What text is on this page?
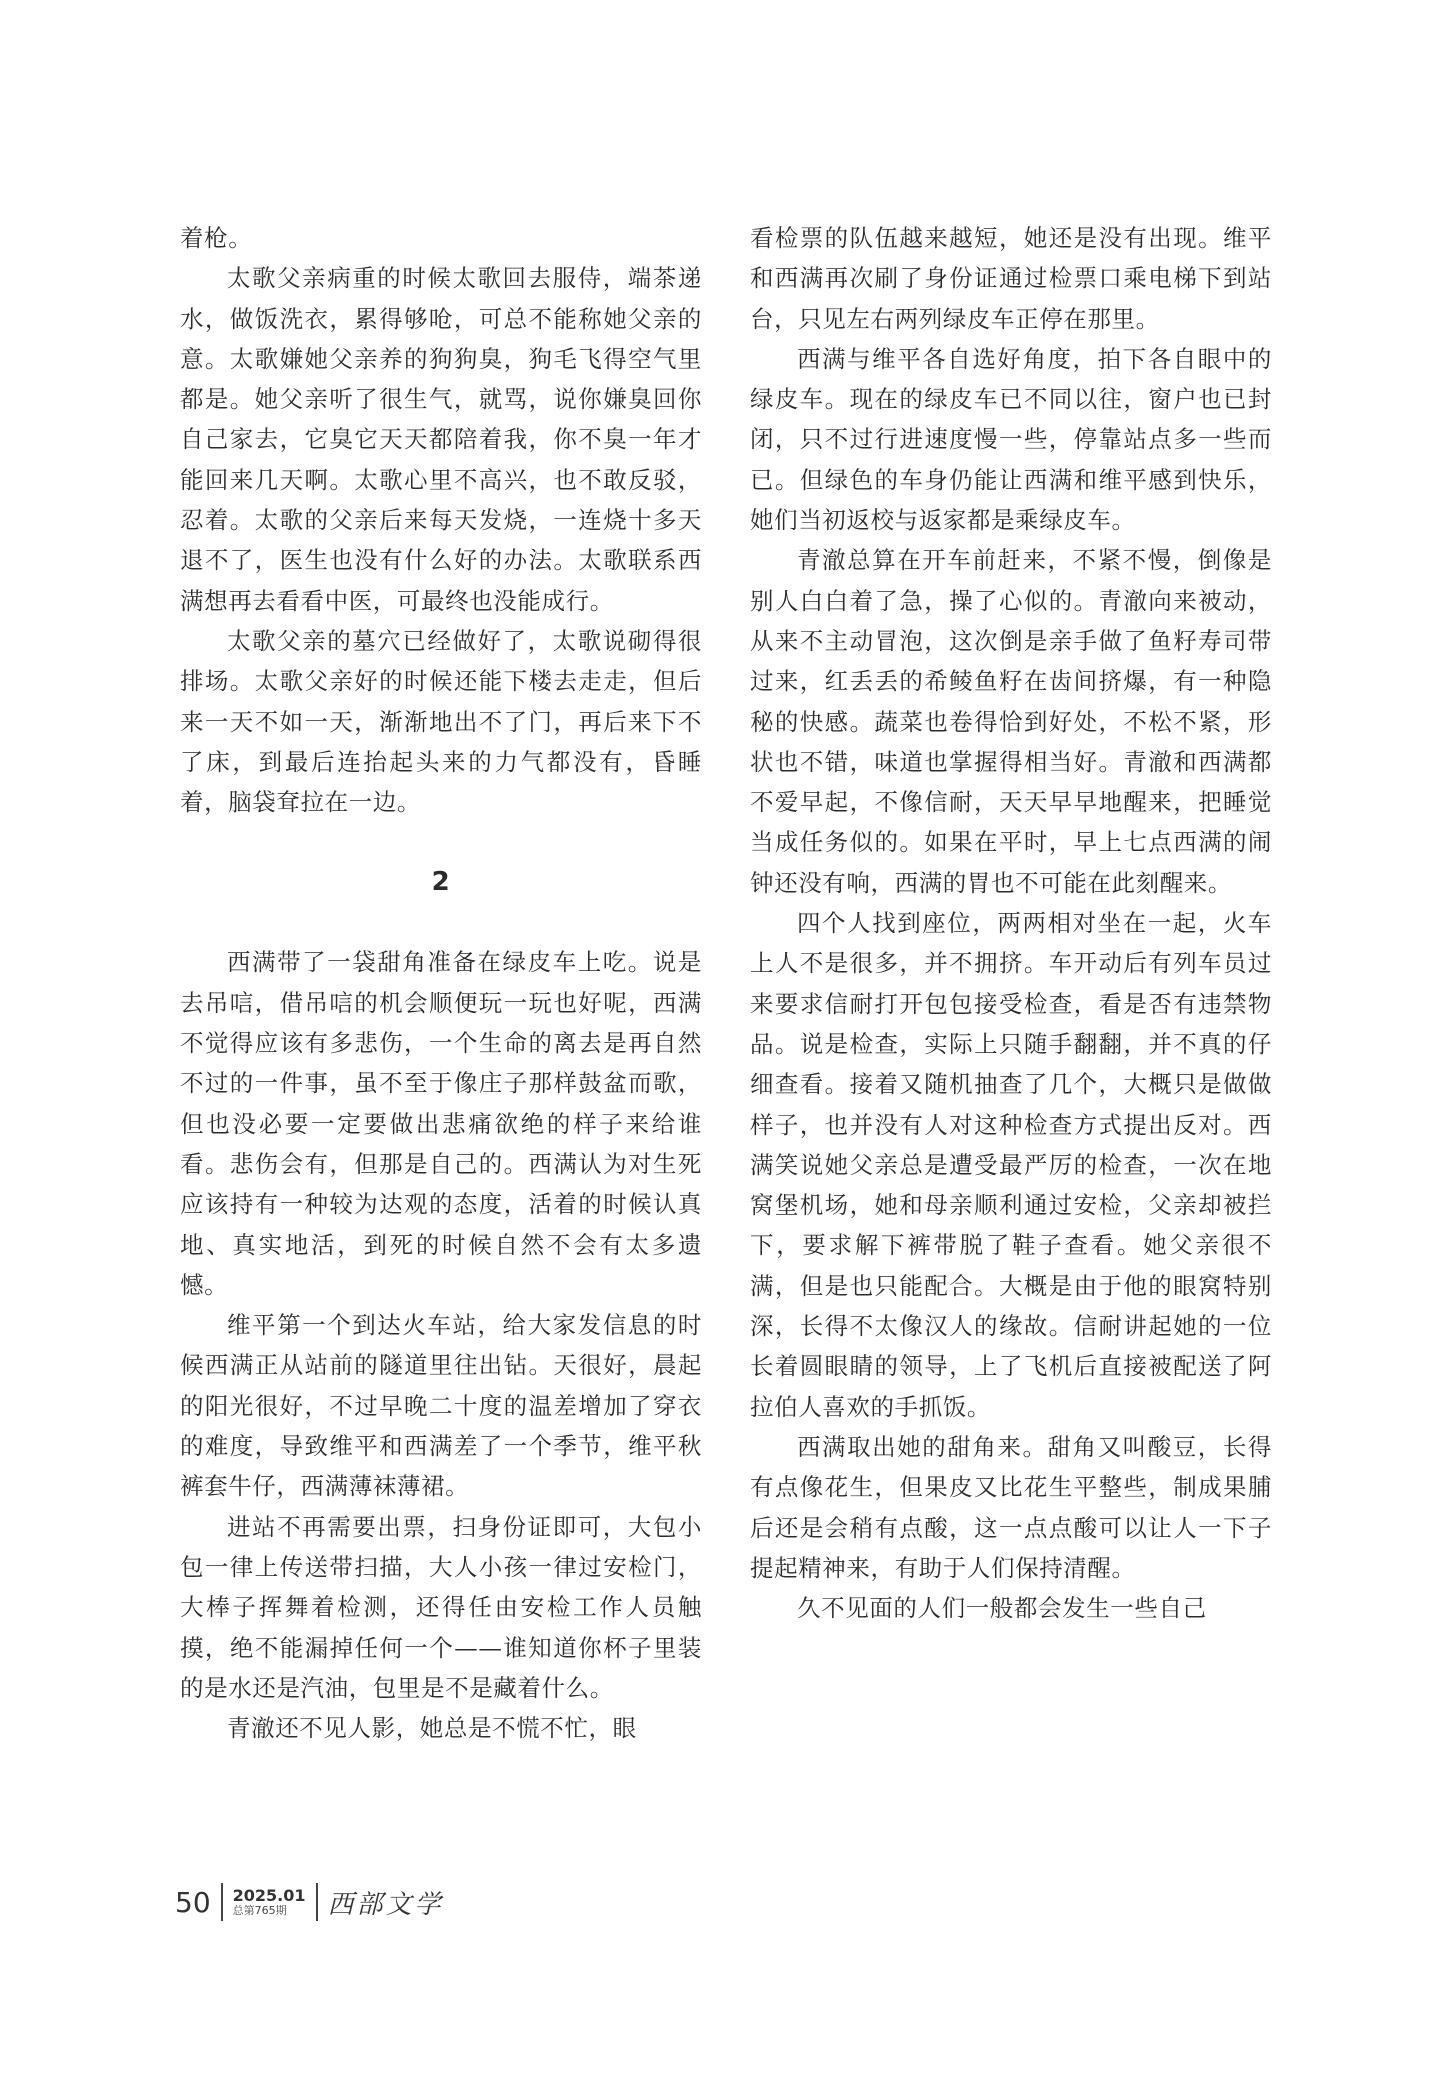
着枪。

太歌父亲病重的时候太歌回去服侍，端茶递水，做饭洗衣，累得够呛，可总不能称她父亲的意。太歌嫌她父亲养的狗狗臭，狗毛飞得空气里都是。她父亲听了很生气，就骂，说你嫌臭回你自己家去，它臭它天天都陪着我，你不臭一年才能回来几天啊。太歌心里不高兴，也不敢反驳，忍着。太歌的父亲后来每天发烧，一连烧十多天退不了，医生也没有什么好的办法。太歌联系西满想再去看看中医，可最终也没能成行。

太歌父亲的墓穴已经做好了，太歌说砌得很排场。太歌父亲好的时候还能下楼去走走，但后来一天不如一天，渐渐地出不了门，再后来下不了床，到最后连抬起头来的力气都没有，昏睡着，脑袋耷拉在一边。

2

西满带了一袋甜角准备在绿皮车上吃。说是去吊唁，借吊唁的机会顺便玩一玩也好呢，西满不觉得应该有多悲伤，一个生命的离去是再自然不过的一件事，虽不至于像庄子那样鼓盆而歌，但也没必要一定要做出悲痛欲绝的样子来给谁看。悲伤会有，但那是自己的。西满认为对生死应该持有一种较为达观的态度，活着的时候认真地、真实地活，到死的时候自然不会有太多遗憾。

维平第一个到达火车站，给大家发信息的时候西满正从站前的隧道里往出钻。天很好，晨起的阳光很好，不过早晚二十度的温差增加了穿衣的难度，导致维平和西满差了一个季节，维平秋裤套牛仔，西满薄袜薄裙。

进站不再需要出票，扫身份证即可，大包小包一律上传送带扫描，大人小孩一律过安检门，大棒子挥舞着检测，还得任由安检工作人员触摸，绝不能漏掉任何一个——谁知道你杯子里装的是水还是汽油，包里是不是藏着什么。

青澈还不见人影，她总是不慌不忙，眼

看检票的队伍越来越短，她还是没有出现。维平和西满再次刷了身份证通过检票口乘电梯下到站台，只见左右两列绿皮车正停在那里。

西满与维平各自选好角度，拍下各自眼中的绿皮车。现在的绿皮车已不同以往，窗户也已封闭，只不过行进速度慢一些，停靠站点多一些而已。但绿色的车身仍能让西满和维平感到快乐，她们当初返校与返家都是乘绿皮车。

青澈总算在开车前赶来，不紧不慢，倒像是别人白白着了急，操了心似的。青澈向来被动，从来不主动冒泡，这次倒是亲手做了鱼籽寿司带过来，红丢丢的希鲮鱼籽在齿间挤爆，有一种隐秘的快感。蔬菜也卷得恰到好处，不松不紧，形状也不错，味道也掌握得相当好。青澈和西满都不爱早起，不像信耐，天天早早地醒来，把睡觉当成任务似的。如果在平时，早上七点西满的闹钟还没有响，西满的胃也不可能在此刻醒来。

四个人找到座位，两两相对坐在一起，火车上人不是很多，并不拥挤。车开动后有列车员过来要求信耐打开包包接受检查，看是否有违禁物品。说是检查，实际上只随手翻翻，并不真的仔细查看。接着又随机抽查了几个，大概只是做做样子，也并没有人对这种检查方式提出反对。西满笑说她父亲总是遭受最严厉的检查，一次在地窝堡机场，她和母亲顺利通过安检，父亲却被拦下，要求解下裤带脱了鞋子查看。她父亲很不满，但是也只能配合。大概是由于他的眼窝特别深，长得不太像汉人的缘故。信耐讲起她的一位长着圆眼睛的领导，上了飞机后直接被配送了阿拉伯人喜欢的手抓饭。

西满取出她的甜角来。甜角又叫酸豆，长得有点像花生，但果皮又比花生平整些，制成果脯后还是会稍有点酸，这一点点酸可以让人一下子提起精神来，有助于人们保持清醒。

久不见面的人们一般都会发生一些自己

50 2025.01
总第765期	西部文学
